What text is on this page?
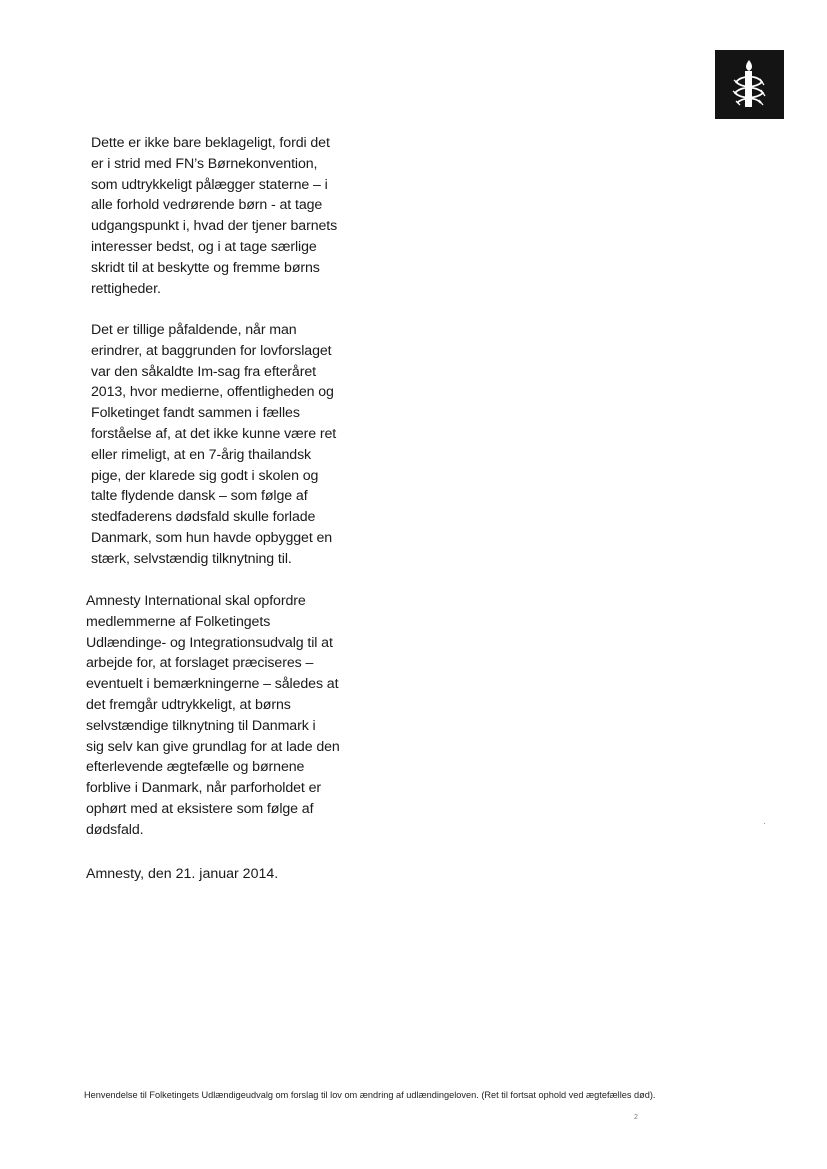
Dette er ikke bare beklageligt, fordi det
er i strid med FN’s Børnekonvention,
som udtrykkeligt pålægger staterne – i
alle forhold vedrørende børn - at tage
udgangspunkt i, hvad der tjener barnets
interesser bedst, og i at tage særlige
skridt til at beskytte og fremme børns
rettigheder.

Det er tillige påfaldende, når man
erindrer, at baggrunden for lovforslaget
var den såkaldte Im-sag fra efteråret
2013, hvor medierne, offentligheden og
Folketinget fandt sammen i fælles
forståelse af, at det ikke kunne være ret
eller rimeligt, at en 7-årig thailandsk
pige, der klarede sig godt i skolen og
talte flydende dansk – som følge af
stedfaderens dødsfald skulle forlade
Danmark, som hun havde opbygget en
stærk, selvstændig tilknytning til.

Amnesty International skal opfordre
medlemmerne af Folketingets
Udlændinge- og Integrationsudvalg til at
arbejde for, at forslaget præciseres –
eventuelt i bemærkningerne – således at
det fremgår udtrykkeligt, at børns
selvstændige tilknytning til Danmark i
sig selv kan give grundlag for at lade den
efterlevende ægtefælle og børnene
forblive i Danmark, når parforholdet er
ophørt med at eksistere som følge af
dødsfald.

Amnesty, den 21. januar 2014.

Henvendelse til Folketingets Udlændigeudvalg om forslag til lov om ændring af udlændingeloven. (Ret til fortsat ophold ved ægtefælles død).

2
